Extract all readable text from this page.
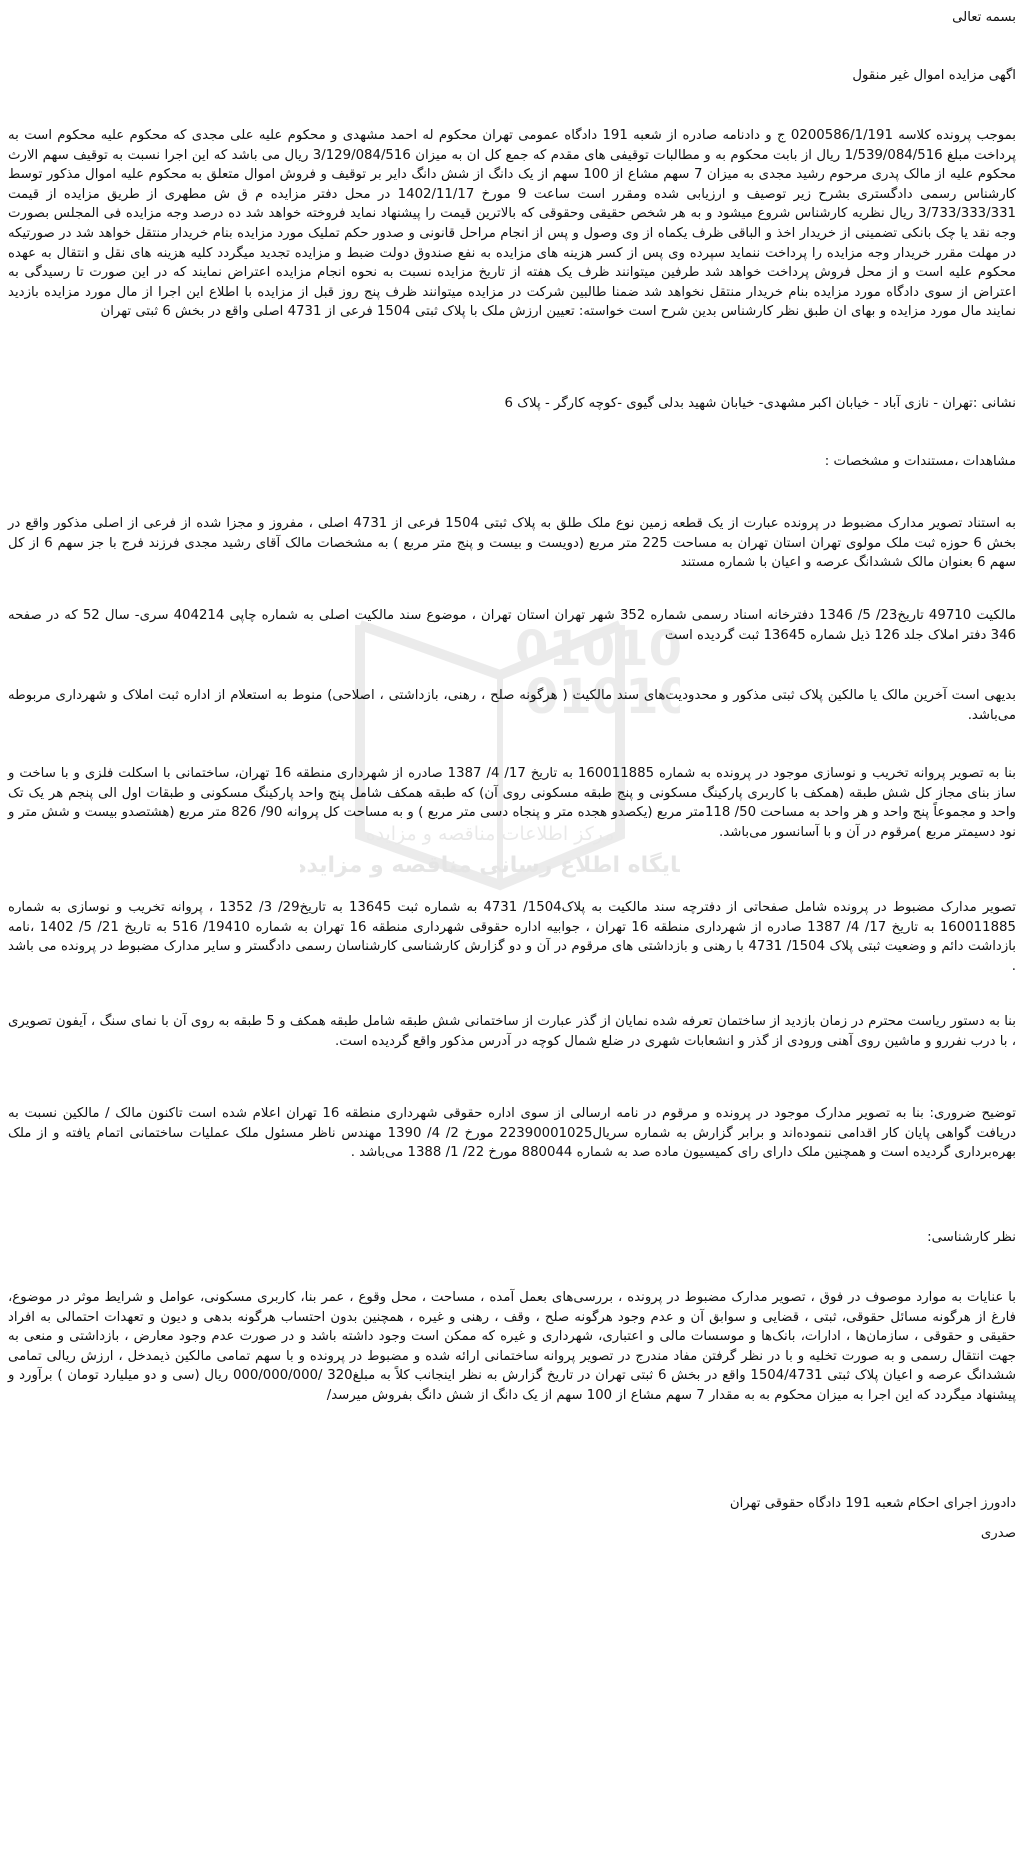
01010
01010
مرکز اطلاعات مناقصه و مزایده
پایگاه اطلاع رسانی مناقصه و مزایده

بسمه تعالی

اگهی مزایده اموال غیر منقول

بموجب پرونده کلاسه 0200586/1/191 ج و دادنامه صادره از شعبه 191 دادگاه عمومی تهران محکوم له احمد مشهدی و محکوم علیه علی مجدی که محکوم علیه محکوم است به پرداخت مبلغ 1/539/084/516 ریال از بابت محکوم به و مطالبات توقیفی های مقدم که جمع کل ان به میزان 3/129/084/516 ریال می باشد که این اجرا نسبت به توقیف سهم الارث محکوم علیه از مالک پدری مرحوم رشید مجدی به میزان 7 سهم مشاع از 100 سهم از یک دانگ از شش دانگ دایر بر توقیف و فروش اموال متعلق به محکوم علیه اموال مذکور توسط کارشناس رسمی دادگستری بشرح زیر توصیف و ارزیابی شده ومقرر است ساعت 9 مورخ 1402/11/17 در محل دفتر مزایده م ق ش مطهری از طریق مزایده از قیمت 3/733/333/331 ریال نظریه کارشناس شروع میشود و به هر شخص حقیقی وحقوقی که بالاترین قیمت را پیشنهاد نماید فروخته خواهد شد ده درصد وجه مزایده فی المجلس بصورت وجه نقد یا چک بانکی تضمینی از خریدار اخذ و الباقی ظرف یکماه از وی وصول و پس از انجام مراحل قانونی و صدور حکم تملیک مورد مزایده بنام خریدار منتقل خواهد شد در صورتیکه در مهلت مقرر خریدار وجه مزایده را پرداخت ننماید سپرده وی پس از کسر هزینه های مزایده به نفع صندوق دولت ضبط و مزایده تجدید میگردد کلیه هزینه های نقل و انتقال به عهده محکوم علیه است و از محل فروش پرداخت خواهد شد طرفین میتوانند ظرف یک هفته از تاریخ مزایده نسبت به نحوه انجام مزایده اعتراض نمایند که در این صورت تا رسیدگی به اعتراض از سوی دادگاه مورد مزایده بنام خریدار منتقل نخواهد شد ضمنا طالبین شرکت در مزایده میتوانند ظرف پنج روز قبل از مزایده با اطلاع این اجرا از مال مورد مزایده بازدید نمایند مال مورد مزایده و بهای ان طبق نظر کارشناس بدین شرح است خواسته: تعیین ارزش ملک با پلاک ثبتی 1504 فرعی از 4731 اصلی واقع در بخش 6 ثبتی تهران

نشانی :تهران - نازی آباد - خیابان اکبر مشهدی- خیابان شهید بدلی گیوی -کوچه کارگر - پلاک 6

مشاهدات ،مستندات و مشخصات :

به استناد تصویر مدارک مضبوط در پرونده عبارت از یک قطعه زمین نوع ملک طلق به پلاک ثبتی 1504 فرعی از 4731 اصلی ، مفروز و مجزا شده از فرعی از اصلی مذکور واقع در بخش 6 حوزه ثبت ملک مولوی تهران استان تهران به مساحت 225 متر مربع (دویست و بیست و پنج متر مربع ) به مشخصات مالک آقای رشید مجدی فرزند فرج با جز سهم 6 از کل سهم 6 بعنوان مالک ششدانگ عرصه و اعیان با شماره مستند

مالکیت 49710 تاریخ23/ 5/ 1346 دفترخانه اسناد رسمی شماره 352 شهر تهران استان تهران ، موضوع سند مالکیت اصلی به شماره چاپی 404214 سری- سال 52 که در صفحه 346 دفتر املاک جلد 126 ذیل شماره 13645 ثبت گردیده است

بدیهی است آخرین مالک یا مالکین پلاک ثبتی مذکور و محدودیت‌های سند مالکیت ( هرگونه صلح ، رهنی، بازداشتی ، اصلاحی) منوط به استعلام از اداره ثبت املاک و شهرداری مربوطه می‌باشد.

بنا به تصویر پروانه تخریب و نوسازی موجود در پرونده به شماره 160011885 به تاریخ 17/ 4/ 1387 صادره از شهرداری منطقه 16 تهران، ساختمانی با اسکلت فلزی و با ساخت و ساز بنای مجاز کل شش طبقه (همکف با کاربری پارکینگ مسکونی و پنج طبقه مسکونی روی آن) که طبقه همکف شامل پنج واحد پارکینگ مسکونی و طبقات اول الی پنجم هر یک تک واحد و مجموعاً پنج واحد و هر واحد به مساحت 50/ 118متر مربع (یکصدو هجده متر و پنجاه دسی متر مربع ) و به مساحت کل پروانه 90/ 826 متر مربع (هشتصدو بیست و شش متر و نود دسیمتر مربع )مرقوم در آن و با آسانسور می‌باشد.

تصویر مدارک مضبوط در پرونده شامل صفحاتی از دفترچه سند مالکیت به پلاک1504/ 4731 به شماره ثبت 13645 به تاریخ29/ 3/ 1352 ، پروانه تخریب و نوسازی به شماره 160011885 به تاریخ 17/ 4/ 1387 صادره از شهرداری منطقه 16 تهران ، جوابیه اداره حقوقی شهرداری منطقه 16 تهران به شماره 19410/ 516 به تاریخ 21/ 5/ 1402 ،نامه بازداشت دائم و وضعیت ثبتی پلاک 1504/ 4731 با رهنی و بازداشتی های مرقوم در آن و دو گزارش کارشناسی کارشناسان رسمی دادگستر و سایر مدارک مضبوط در پرونده می باشد .

بنا به دستور ریاست محترم در زمان بازدید از ساختمان تعرفه شده نمایان از گذر عبارت از ساختمانی شش طبقه شامل طبقه همکف و 5 طبقه به روی آن با نمای سنگ ، آیفون تصویری ، با درب نفررو و ماشین روی آهنی ورودی از گذر و انشعابات شهری در ضلع شمال کوچه در آدرس مذکور واقع گردیده است.

توضیح ضروری: بنا به تصویر مدارک موجود در پرونده و مرقوم در نامه ارسالی از سوی اداره حقوقی شهرداری منطقه 16 تهران اعلام شده است تاکنون مالک / مالکین نسبت به دریافت گواهی پایان کار اقدامی ننموده‌اند و برابر گزارش به شماره سریال22390001025 مورخ 2/ 4/ 1390 مهندس ناظر مسئول ملک عملیات ساختمانی اتمام یافته و از ملک بهره‌برداری گردیده است و همچنین ملک دارای رای کمیسیون ماده صد به شماره 880044 مورخ 22/ 1/ 1388 می‌باشد .

نظر کارشناسی:

با عنایات به موارد موصوف در فوق ، تصویر مدارک مضبوط در پرونده ، بررسی‌های بعمل آمده ، مساحت ، محل وقوع ، عمر بنا، کاربری مسکونی، عوامل و شرایط موثر در موضوع، فارغ از هرگونه مسائل حقوقی، ثبتی ، قضایی و سوابق آن و عدم وجود هرگونه صلح ، وقف ، رهنی و غیره ، همچنین بدون احتساب هرگونه بدهی و دیون و تعهدات احتمالی به افراد حقیقی و حقوقی ، سازمان‌ها ، ادارات، بانک‌ها و موسسات مالی و اعتباری، شهرداری و غیره که ممکن است وجود داشته باشد و در صورت عدم وجود معارض ، بازداشتی و منعی به جهت انتقال رسمی و به صورت تخلیه و با در نظر گرفتن مفاد مندرج در تصویر پروانه ساختمانی ارائه شده و مضبوط در پرونده و با سهم تمامی مالکین ذیمدخل ، ارزش ریالی تمامی ششدانگ عرصه و اعیان پلاک ثبتی 1504/4731 واقع در بخش 6 ثبتی تهران در تاریخ گزارش به نظر اینجانب کلاً به مبلغ320 /000/000/000 ریال (سی و دو میلیارد تومان ) برآورد و پیشنهاد میگردد که این اجرا به میزان محکوم به به مقدار 7 سهم مشاع از 100 سهم از یک دانگ از شش دانگ بفروش میرسد/

دادورز اجرای احکام شعبه 191 دادگاه حقوقی تهران

صدری
